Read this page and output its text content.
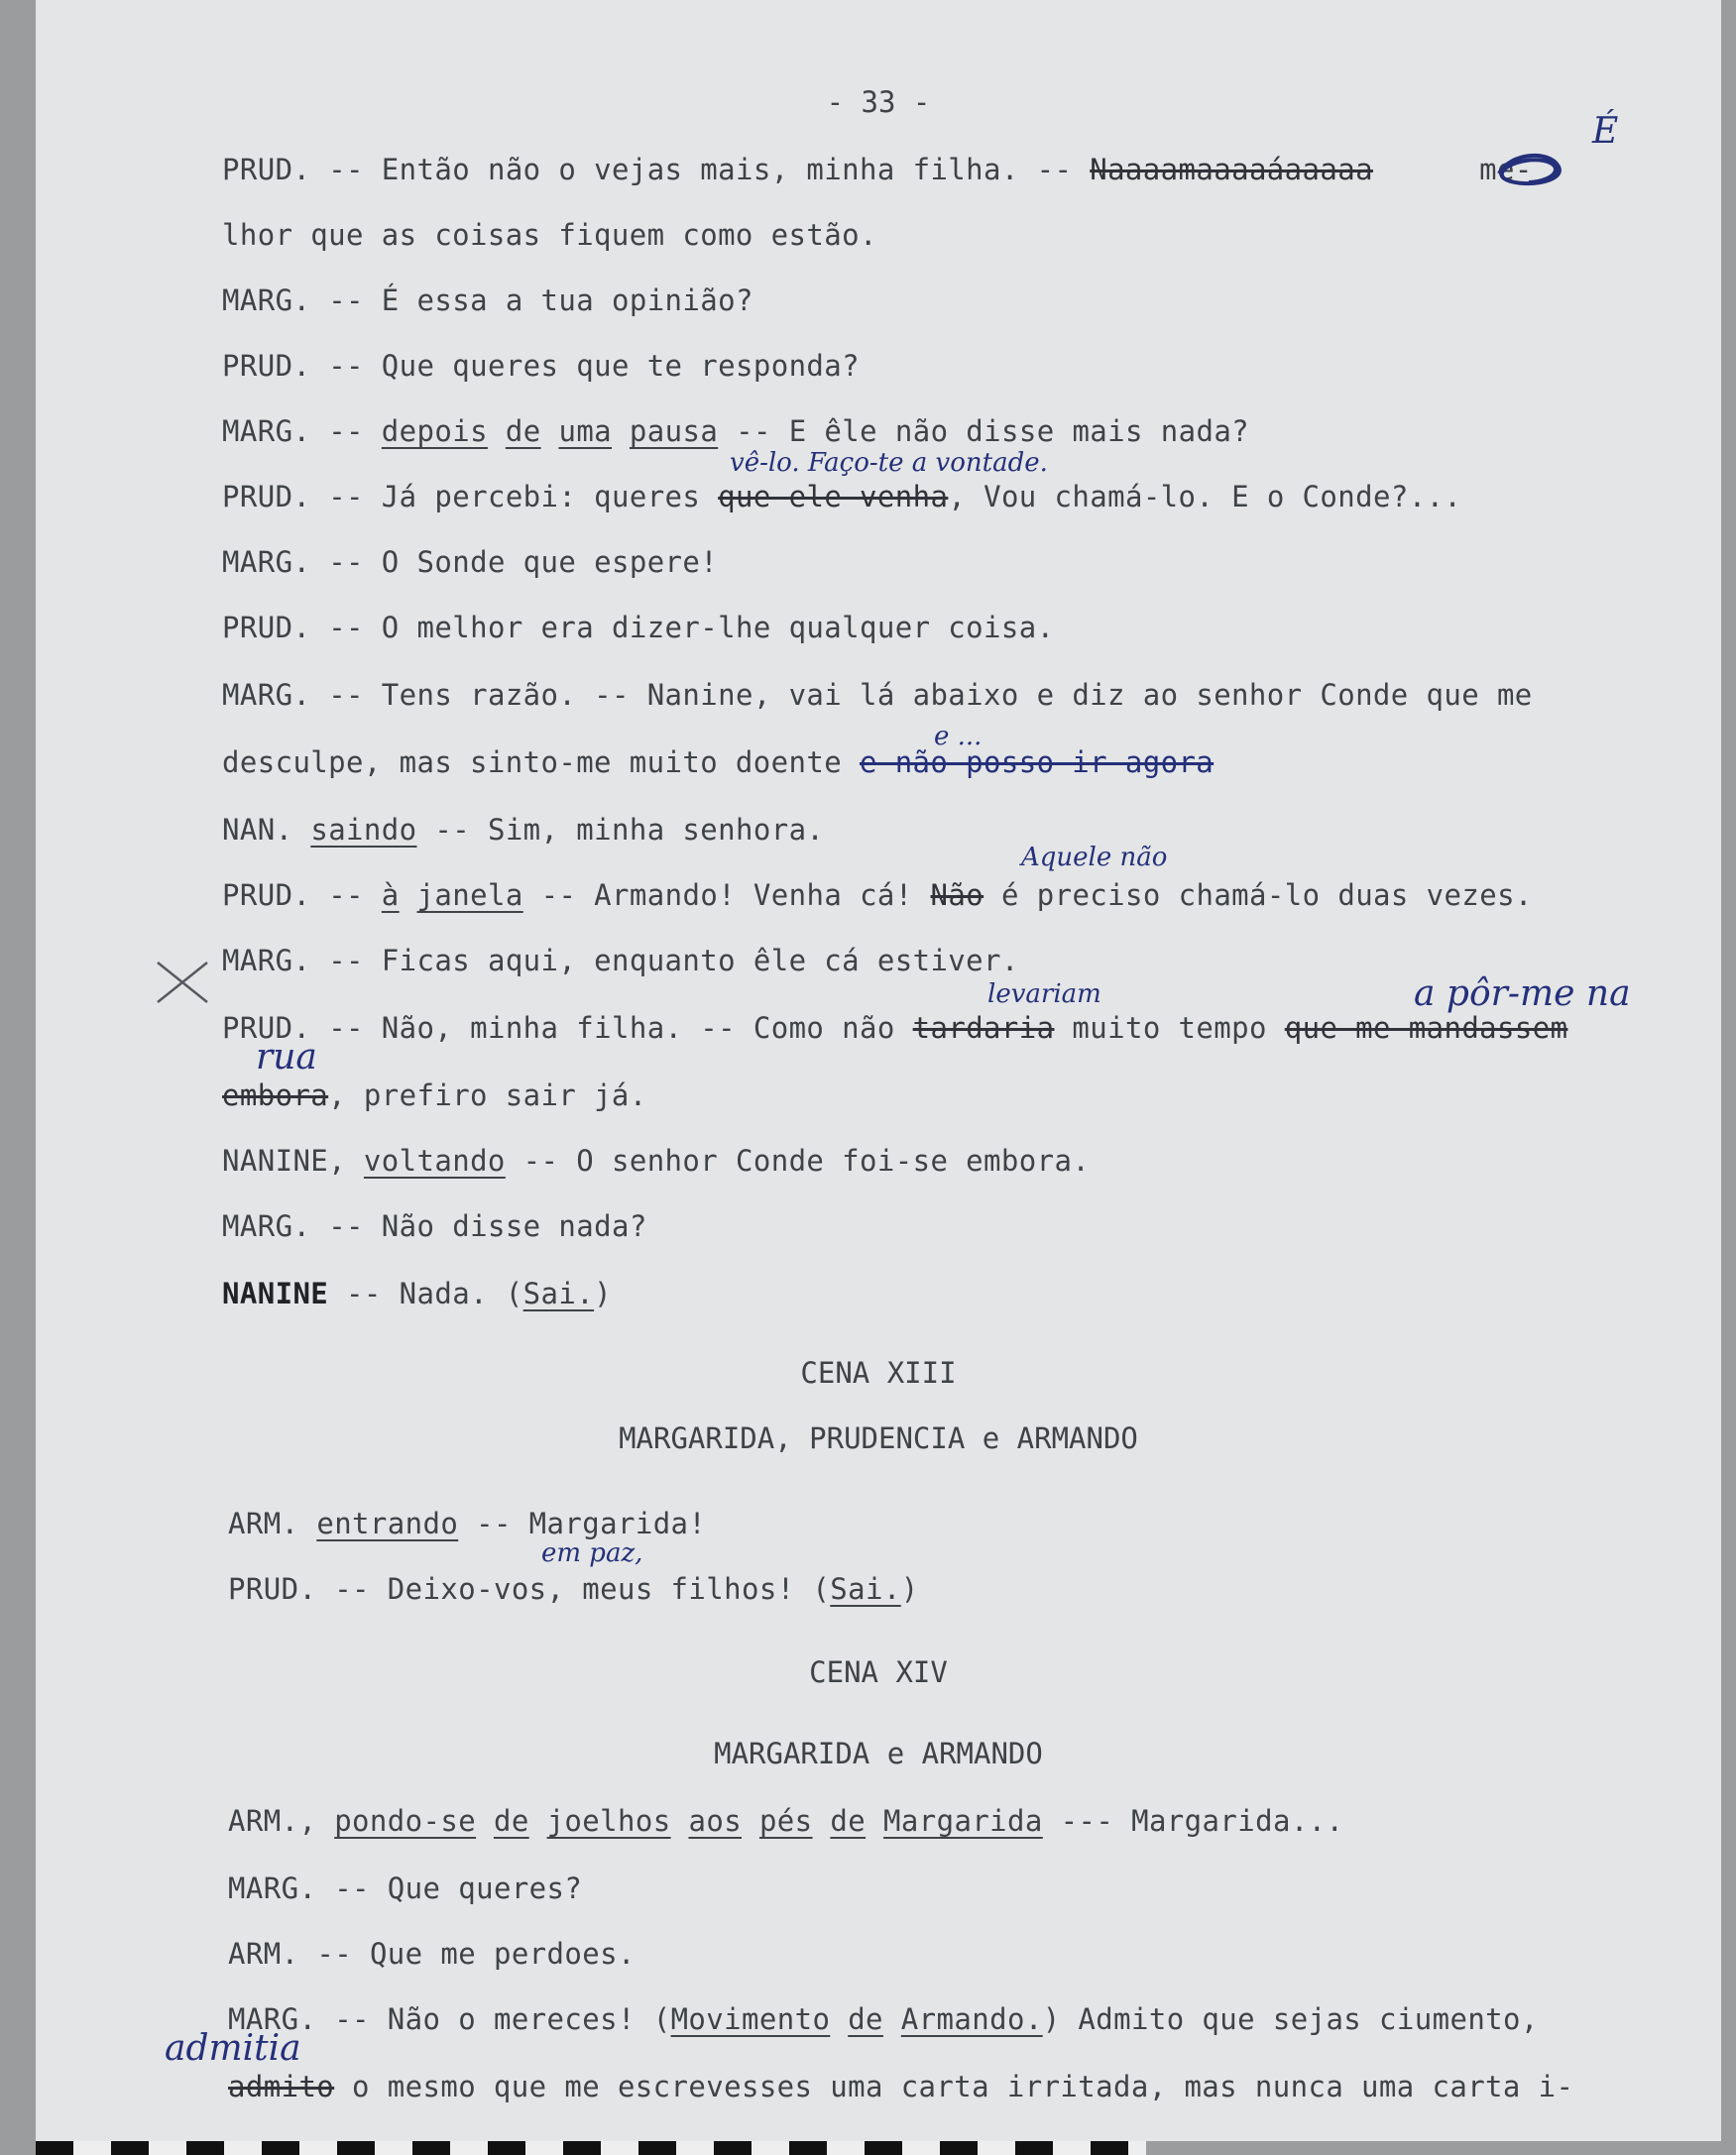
- 33 -
PRUD. -- Então não o vejas mais, minha filha. -- Naaaamaaaaáaaaaa	me-
É
lhor que as coisas fiquem como estão.
MARG. -- É essa a tua opinião?
PRUD. -- Que queres que te responda?
MARG. -- depois de uma pausa -- E êle não disse mais nada?
vê-lo. Faço-te a vontade.
PRUD. -- Já percebi: queres que ele venha, Vou chamá-lo. E o Conde?...
MARG. -- O Sonde que espere!
PRUD. -- O melhor era dizer-lhe qualquer coisa.
MARG. -- Tens razão. -- Nanine, vai lá abaixo e diz ao senhor Conde que me
e ...
desculpe, mas sinto-me muito doente e não posso ir agora
NAN. saindo -- Sim, minha senhora.
Aquele não
PRUD. -- à janela -- Armando! Venha cá! Não é preciso chamá-lo duas vezes.
MARG. -- Ficas aqui, enquanto êle cá estiver.
levariam	a pôr-me na
PRUD. -- Não, minha filha. -- Como não tardaria muito tempo que me mandassem
rua
embora, prefiro sair já.
NANINE, voltando -- O senhor Conde foi-se embora.
MARG. -- Não disse nada?
NANINE -- Nada. (Sai.)
CENA XIII
MARGARIDA, PRUDENCIA e ARMANDO
ARM. entrando -- Margarida!
em paz,
PRUD. -- Deixo-vos, meus filhos! (Sai.)
CENA XIV
MARGARIDA e ARMANDO
ARM., pondo-se de joelhos aos pés de Margarida --- Margarida...
MARG. -- Que queres?
ARM. -- Que me perdoes.
MARG. -- Não o mereces! (Movimento de Armando.) Admito que sejas ciumento,
admitia
admito o mesmo que me escrevesses uma carta irritada, mas nunca uma carta i-
